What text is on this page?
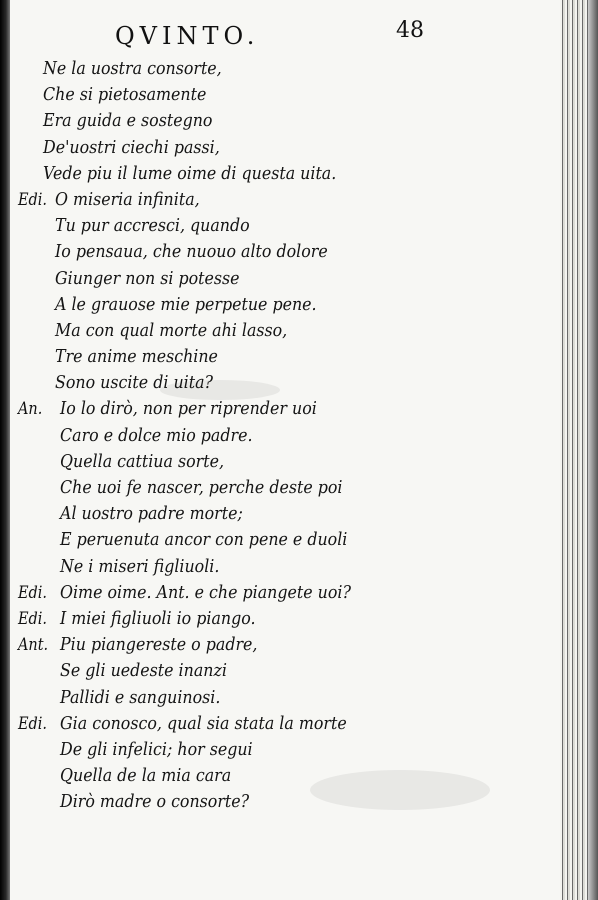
QVINTO.	48
Ne la uostra consorte,
Che si pietosamente
Era guida e sostegno
De'uostri ciechi passi,
Vede piu il lume oime di questa uita.
Edi. O miseria infinita,
Tu pur accresci, quando
Io pensaua, che nuouo alto dolore
Giunger non si potesse
A le grauose mie perpetue pene.
Ma con qual morte ahi lasso,
Tre anime meschine
Sono uscite di uita?
An. Io lo dirò, non per riprender uoi
Caro e dolce mio padre.
Quella cattiua sorte,
Che uoi fe nascer, perche deste poi
Al uostro padre morte;
E peruenuta ancor con pene e duoli
Ne i miseri figliuoli.
Edi. Oime oime. Ant. e che piangete uoi?
Edi. I miei figliuoli io piango.
Ant. Piu piangereste o padre,
Se gli uedeste inanzi
Pallidi e sanguinosi.
Edi. Gia conosco, qual sia stata la morte
De gli infelici; hor segui
Quella de la mia cara
Dirò madre o consorte?
